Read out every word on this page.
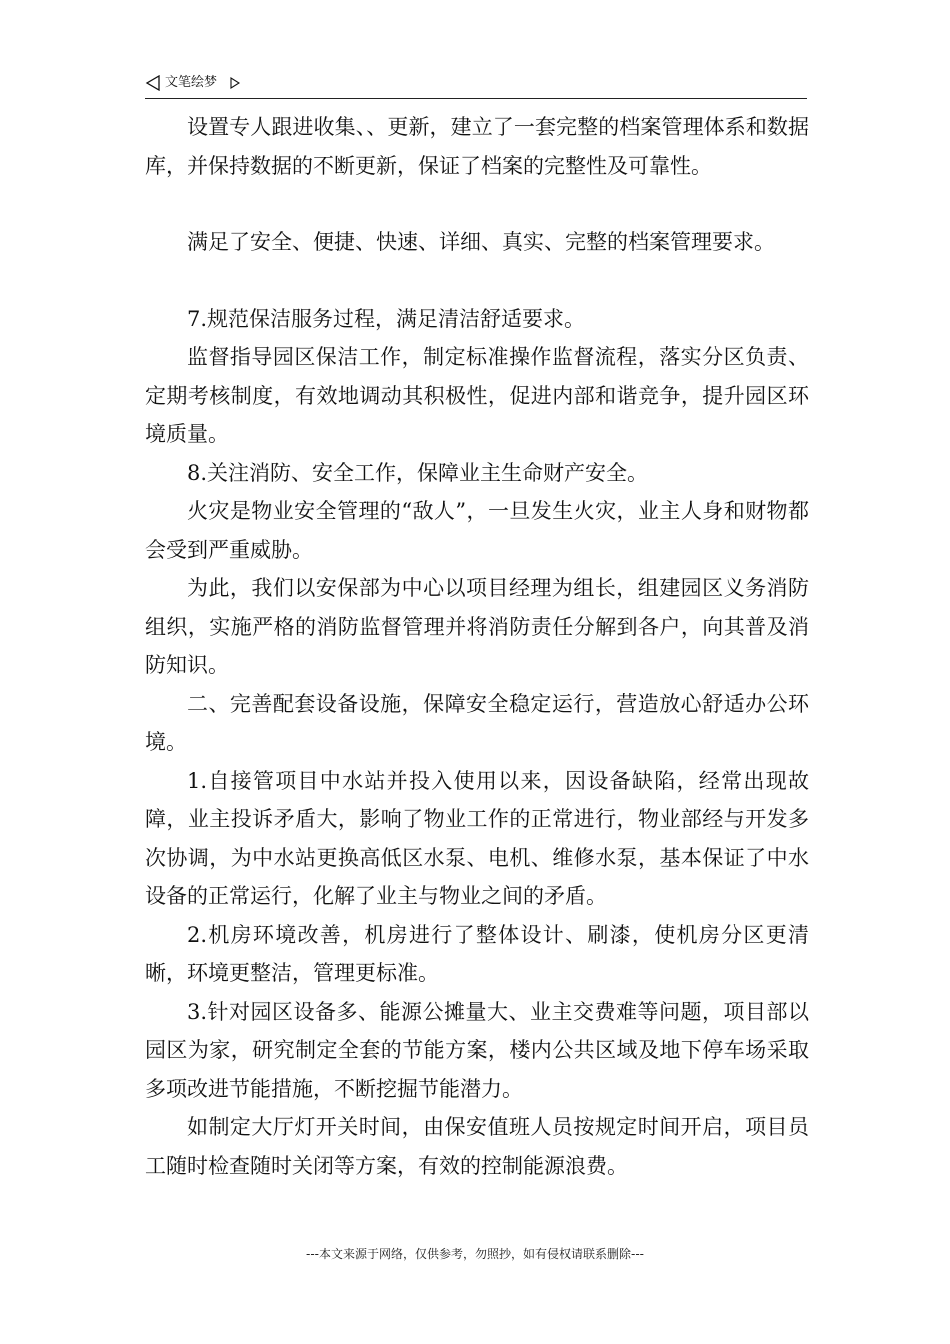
文笔绘梦

设置专人跟进收集、、更新，建立了一套完整的档案管理体系和数据库，并保持数据的不断更新，保证了档案的完整性及可靠性。

满足了安全、便捷、快速、详细、真实、完整的档案管理要求。

7.规范保洁服务过程，满足清洁舒适要求。

监督指导园区保洁工作，制定标准操作监督流程，落实分区负责、定期考核制度，有效地调动其积极性，促进内部和谐竞争，提升园区环境质量。

8.关注消防、安全工作，保障业主生命财产安全。

火灾是物业安全管理的“敌人”，一旦发生火灾，业主人身和财物都会受到严重威胁。

为此，我们以安保部为中心以项目经理为组长，组建园区义务消防组织，实施严格的消防监督管理并将消防责任分解到各户，向其普及消防知识。

二、完善配套设备设施，保障安全稳定运行，营造放心舒适办公环境。

1.自接管项目中水站并投入使用以来，因设备缺陷，经常出现故障，业主投诉矛盾大，影响了物业工作的正常进行，物业部经与开发多次协调，为中水站更换高低区水泵、电机、维修水泵，基本保证了中水设备的正常运行，化解了业主与物业之间的矛盾。

2.机房环境改善，机房进行了整体设计、刷漆，使机房分区更清晰，环境更整洁，管理更标准。

3.针对园区设备多、能源公摊量大、业主交费难等问题，项目部以园区为家，研究制定全套的节能方案，楼内公共区域及地下停车场采取多项改进节能措施，不断挖掘节能潜力。

如制定大厅灯开关时间，由保安值班人员按规定时间开启，项目员工随时检查随时关闭等方案，有效的控制能源浪费。

---本文来源于网络，仅供参考，勿照抄，如有侵权请联系删除---
